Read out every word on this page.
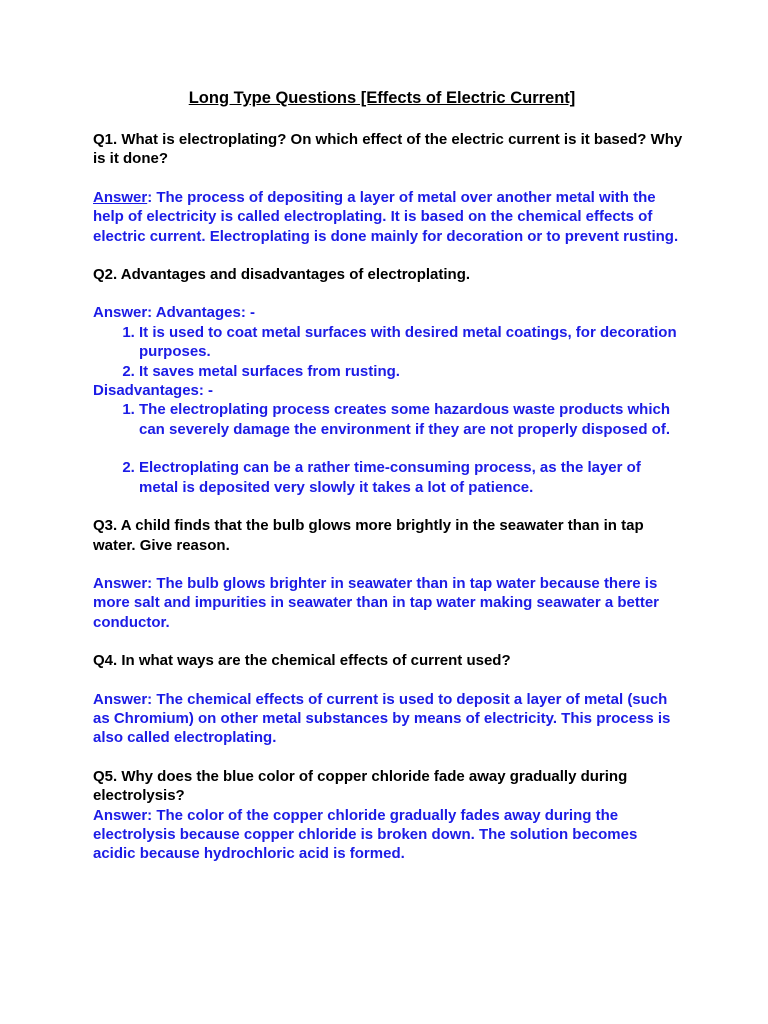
Long Type Questions [Effects of Electric Current]

Q1. What is electroplating? On which effect of the electric current is it based? Why is it done?

Answer: The process of depositing a layer of metal over another metal with the help of electricity is called electroplating. It is based on the chemical effects of electric current. Electroplating is done mainly for decoration or to prevent rusting.

Q2. Advantages and disadvantages of electroplating.

Answer: Advantages: -

1. It is used to coat metal surfaces with desired metal coatings, for decoration purposes.
2. It saves metal surfaces from rusting.

Disadvantages: -

1. The electroplating process creates some hazardous waste products which can severely damage the environment if they are not properly disposed of.
2. Electroplating can be a rather time-consuming process, as the layer of metal is deposited very slowly it takes a lot of patience.

Q3. A child finds that the bulb glows more brightly in the seawater than in tap water. Give reason.

Answer: The bulb glows brighter in seawater than in tap water because there is more salt and impurities in seawater than in tap water making seawater a better conductor.

Q4. In what ways are the chemical effects of current used?

Answer: The chemical effects of current is used to deposit a layer of metal (such as Chromium) on other metal substances by means of electricity. This process is also called electroplating.

Q5. Why does the blue color of copper chloride fade away gradually during electrolysis?

Answer: The color of the copper chloride gradually fades away during the electrolysis because copper chloride is broken down. The solution becomes acidic because hydrochloric acid is formed.
